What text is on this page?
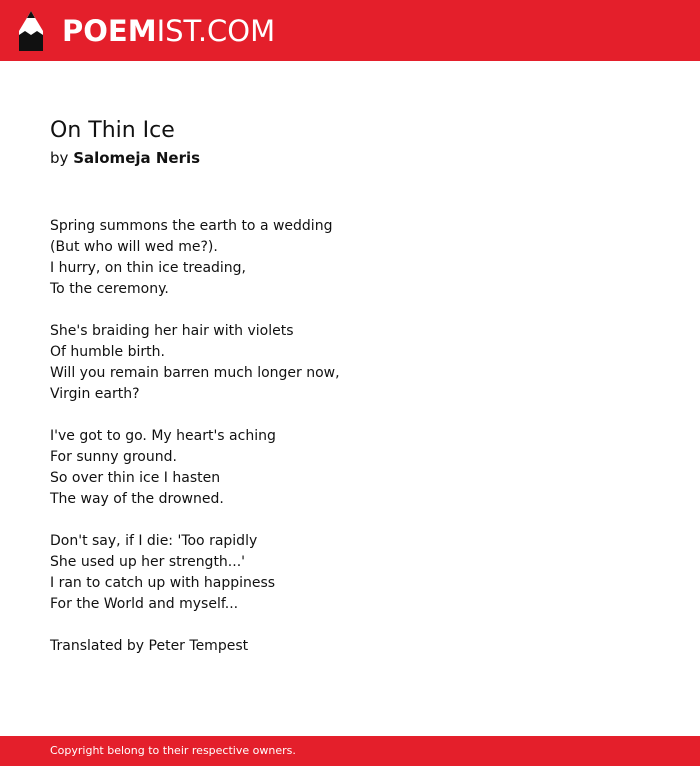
POEMIST.COM
On Thin Ice

by Salomeja Neris

Spring summons the earth to a wedding
(But who will wed me?).
I hurry, on thin ice treading,
To the ceremony.

She's braiding her hair with violets
Of humble birth.
Will you remain barren much longer now,
Virgin earth?

I've got to go. My heart's aching
For sunny ground.
So over thin ice I hasten
The way of the drowned.

Don't say, if I die: 'Too rapidly
She used up her strength...'
I ran to catch up with happiness
For the World and myself...

Translated by Peter Tempest

Copyright belong to their respective owners.
